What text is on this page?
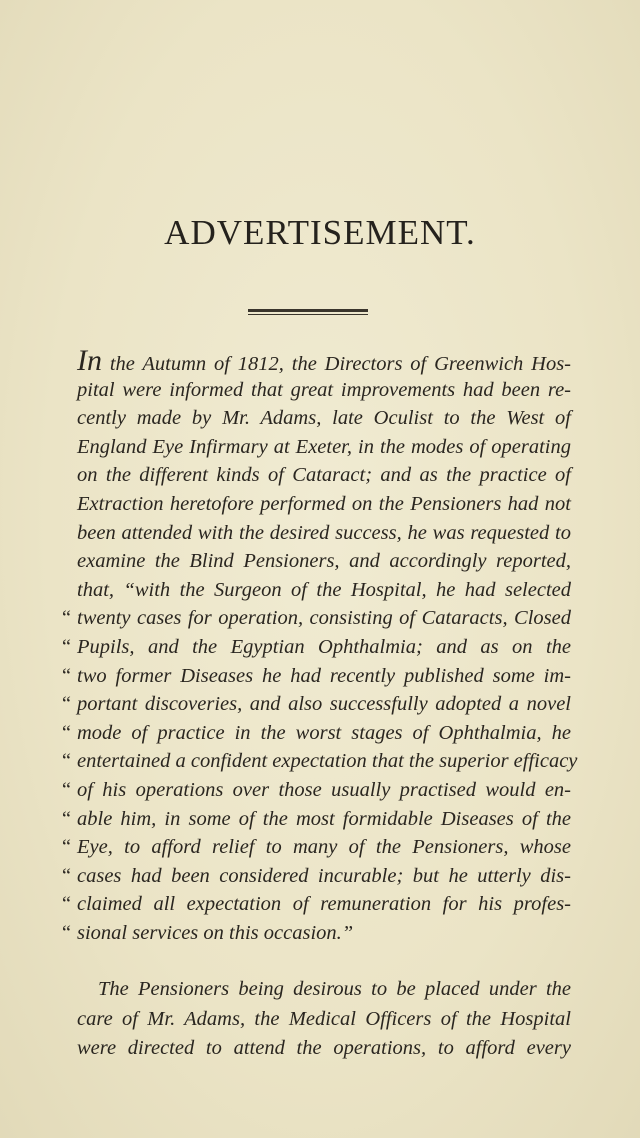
ADVERTISEMENT.
In the Autumn of 1812, the Directors of Greenwich Hos-
pital were informed that great improvements had been re-
cently made by Mr. Adams, late Oculist to the West of
England Eye Infirmary at Exeter, in the modes of operating
on the different kinds of Cataract; and as the practice of
Extraction heretofore performed on the Pensioners had not
been attended with the desired success, he was requested to
examine the Blind Pensioners, and accordingly reported,
that, “with the Surgeon of the Hospital, he had selected
twenty cases for operation, consisting of Cataracts, Closed
“
Pupils, and the Egyptian Ophthalmia; and as on the
“
two former Diseases he had recently published some im-
“
portant discoveries, and also successfully adopted a novel
“
mode of practice in the worst stages of Ophthalmia, he
“
entertained a confident expectation that the superior efficacy
“
of his operations over those usually practised would en-
“
able him, in some of the most formidable Diseases of the
“
Eye, to afford relief to many of the Pensioners, whose
“
cases had been considered incurable; but he utterly dis-
“
claimed all expectation of remuneration for his profes-
“
sional services on this occasion.”
“
The Pensioners being desirous to be placed under the
care of Mr. Adams, the Medical Officers of the Hospital
were directed to attend the operations, to afford every
